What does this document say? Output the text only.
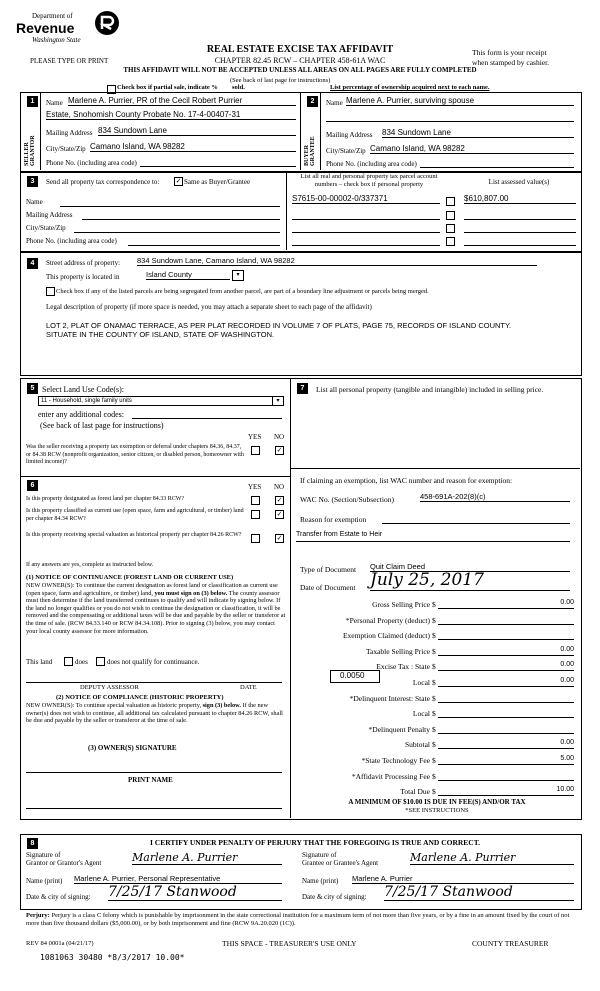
Department of
Revenue
Washington State
PLEASE TYPE OR PRINT
REAL ESTATE EXCISE TAX AFFIDAVIT
CHAPTER 82.45 RCW – CHAPTER 458-61A WAC
THIS AFFIDAVIT WILL NOT BE ACCEPTED UNLESS ALL AREAS ON ALL PAGES ARE FULLY COMPLETED
This form is your receipt
when stamped by cashier.
(See back of last page for instructions)
Check box if partial sale, indicate % sold.	List percentage of ownership acquired next to each name.
1
SELLER GRANTOR
Name Marlene A. Purrier, PR of the Cecil Robert Purrier
Estate, Snohomish County Probate No. 17-4-00407-31
Mailing Address 834 Sundown Lane
City/State/Zip Camano Island, WA 98282
Phone No. (including area code)
2
BUYER GRANTEE
Name Marlene A. Purrier, surviving spouse
Mailing Address 834 Sundown Lane
City/State/Zip Camano Island, WA 98282
Phone No. (including area code)
3	Send all property tax correspondence to: ✓ Same as Buyer/Grantee
Name
Mailing Address
City/State/Zip
Phone No. (including area code)
List all real and personal property tax parcel account numbers – check box if personal property	List assessed value(s)
S7615-00-00002-0/337371	$610,807.00
4	Street address of property: 834 Sundown Lane, Camano Island, WA 98282
This property is located in	Island County	▾
Check box if any of the listed parcels are being segregated from another parcel, are part of a boundary line adjustment or parcels being merged.
Legal description of property (if more space is needed, you may attach a separate sheet to each page of the affidavit)
LOT 2, PLAT OF ONAMAC TERRACE, AS PER PLAT RECORDED IN VOLUME 7 OF PLATS, PAGE 75, RECORDS OF ISLAND COUNTY. SITUATE IN THE COUNTY OF ISLAND, STATE OF WASHINGTON.
5 Select Land Use Code(s):
11 - Household, single family units	▾
enter any additional codes:
(See back of last page for instructions)
YES NO
Was the seller receiving a property tax exemption or deferral under chapters 84.36, 84.37, or 84.38 RCW (nonprofit organization, senior citizen, or disabled person, homeowner with limited income)?
✓
6	YES NO
Is this property designated as forest land per chapter 84.33 RCW?	✓
Is this property classified as current use (open space, farm and agricultural, or timber) land per chapter 84.34 RCW?
✓
Is this property receiving special valuation as historical property per chapter 84.26 RCW?	✓
If any answers are yes, complete as instructed below.
(1) NOTICE OF CONTINUANCE (FOREST LAND OR CURRENT USE)
NEW OWNER(S): To continue the current designation as forest land or classification as current use (open space, farm and agriculture, or timber) land, you must sign on (3) below. The county assessor must then determine if the land transferred continues to qualify and will indicate by signing below. If the land no longer qualifies or you do not wish to continue the designation or classification, it will be removed and the compensating or additional taxes will be due and payable by the seller or transferor at the time of sale. (RCW 84.33.140 or RCW 84.34.108). Prior to signing (3) below, you may contact your local county assessor for more information.
This land	does	does not qualify for continuance.
DEPUTY ASSESSOR	DATE
(2) NOTICE OF COMPLIANCE (HISTORIC PROPERTY)
NEW OWNER(S): To continue special valuation as historic property, sign (3) below. If the new owner(s) does not wish to continue, all additional tax calculated pursuant to chapter 84.26 RCW, shall be due and payable by the seller or transferor at the time of sale.
(3) OWNER(S) SIGNATURE
PRINT NAME
7	List all personal property (tangible and intangible) included in selling price.
If claiming an exemption, list WAC number and reason for exemption:
WAC No. (Section/Subsection)	458-691A-202(8)(c)
Reason for exemption
Transfer from Estate to Heir
Type of Document Quit Claim Deed
Date of Document July 25, 2017
Gross Selling Price $	0.00
*Personal Property (deduct) $
Exemption Claimed (deduct) $
Taxable Selling Price $	0.00
Excise Tax : State $	0.00
Local $	0.00
*Delinquent Interest: State $
Local $
*Delinquent Penalty $
Subtotal $	0.00
*State Technology Fee $	5.00
*Affidavit Processing Fee $
Total Due $	10.00
0.0050
A MINIMUM OF $10.00 IS DUE IN FEE(S) AND/OR TAX
*SEE INSTRUCTIONS
8	I CERTIFY UNDER PENALTY OF PERJURY THAT THE FOREGOING IS TRUE AND CORRECT.
Signature of
Grantor or Grantor's Agent	Marlene A. Purrier
Name (print) Marlene A. Purrier, Personal Representative
Date & city of signing: 7/25/17 Stanwood
Signature of
Grantee or Grantee's Agent	Marlene A. Purrier
Name (print) Marlene A. Purrier
Date & city of signing: 7/25/17 Stanwood
Perjury: Perjury is a class C felony which is punishable by imprisonment in the state correctional institution for a maximum term of not more than five years, or by a fine in an amount fixed by the court of not more than five thousand dollars ($5,000.00), or by both imprisonment and fine (RCW 9A.20.020 (1C)).
REV 84 0001a (04/21/17)	THIS SPACE - TREASURER'S USE ONLY	COUNTY TREASURER
1081063 30480 *8/3/2017 10.00*
